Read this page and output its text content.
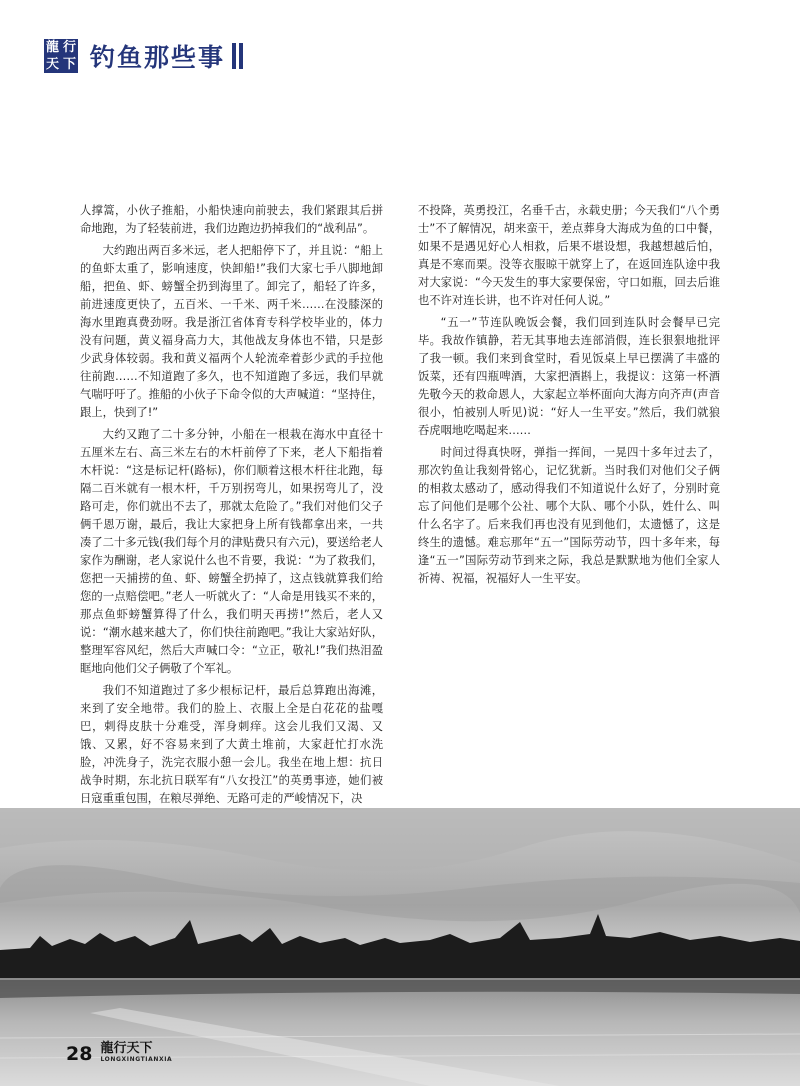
龍 行
天 下 钓鱼那些事

人撑篙，小伙子推船，小船快速向前驶去，我们紧跟其后拼命地跑，为了轻装前进，我们边跑边扔掉我们的“战利品”。

大约跑出两百多米远，老人把船停下了，并且说：“船上的鱼虾太重了，影响速度，快卸船!”我们大家七手八脚地卸船，把鱼、虾、螃蟹全扔到海里了。卸完了，船轻了许多，前进速度更快了，五百米、一千米、两千米……在没膝深的海水里跑真费劲呀。我是浙江省体育专科学校毕业的，体力没有问题，黄义福身高力大，其他战友身体也不错，只是彭少武身体较弱。我和黄义福两个人轮流牵着彭少武的手拉他往前跑……不知道跑了多久，也不知道跑了多远，我们早就气喘吁吁了。推船的小伙子下命令似的大声喊道：“坚持住，跟上，快到了!”

大约又跑了二十多分钟，小船在一根栽在海水中直径十五厘米左右、高三米左右的木杆前停了下来，老人下船指着木杆说：“这是标记杆(路标)，你们顺着这根木杆往北跑，每隔二百米就有一根木杆，千万别拐弯儿，如果拐弯儿了，没路可走，你们就出不去了，那就太危险了。”我们对他们父子俩千恩万谢，最后，我让大家把身上所有钱都拿出来，一共凑了二十多元钱(我们每个月的津贴费只有六元)，要送给老人家作为酬谢，老人家说什么也不肯要，我说：“为了救我们，您把一天捕捞的鱼、虾、螃蟹全扔掉了，这点钱就算我们给您的一点赔偿吧。”老人一听就火了：“人命是用钱买不来的，那点鱼虾螃蟹算得了什么，我们明天再捞!”然后，老人又说：“潮水越来越大了，你们快往前跑吧。”我让大家站好队，整理军容风纪，然后大声喊口令：“立正，敬礼!”我们热泪盈眶地向他们父子俩敬了个军礼。

我们不知道跑过了多少根标记杆，最后总算跑出海滩，来到了安全地带。我们的脸上、衣服上全是白花花的盐嘎巴，剌得皮肤十分难受，浑身刺痒。这会儿我们又渴、又饿、又累，好不容易来到了大黄土堆前，大家赶忙打水洗脸，冲洗身子，洗完衣服小憩一会儿。我坐在地上想：抗日战争时期，东北抗日联军有“八女投江”的英勇事迹，她们被日寇重重包围，在粮尽弹绝、无路可走的严峻情况下，决

不投降，英勇投江，名垂千古，永载史册；今天我们“八个勇士”不了解情况，胡来蛮干，差点葬身大海成为鱼的口中餐，如果不是遇见好心人相救，后果不堪设想，我越想越后怕，真是不寒而栗。没等衣服晾干就穿上了，在返回连队途中我对大家说：“今天发生的事大家要保密，守口如瓶，回去后谁也不许对连长讲，也不许对任何人说。”

“五一”节连队晚饭会餐，我们回到连队时会餐早已完毕。我故作镇静，若无其事地去连部消假，连长狠狠地批评了我一顿。我们来到食堂时，看见饭桌上早已摆满了丰盛的饭菜，还有四瓶啤酒，大家把酒斟上，我提议：这第一杯酒先敬今天的救命恩人，大家起立举杯面向大海方向齐声(声音很小，怕被别人听见)说：“好人一生平安。”然后，我们就狼吞虎咽地吃喝起来……

时间过得真快呀，弹指一挥间，一晃四十多年过去了，那次钓鱼让我刻骨铭心，记忆犹新。当时我们对他们父子俩的相救太感动了，感动得我们不知道说什么好了，分别时竟忘了问他们是哪个公社、哪个大队、哪个小队，姓什么、叫什么名字了。后来我们再也没有见到他们，太遗憾了，这是终生的遗憾。难忘那年“五一”国际劳动节，四十多年来，每逢“五一”国际劳动节到来之际，我总是默默地为他们全家人祈祷、祝福，祝福好人一生平安。

28 龍行天下
LONGXINGTIANXIA
